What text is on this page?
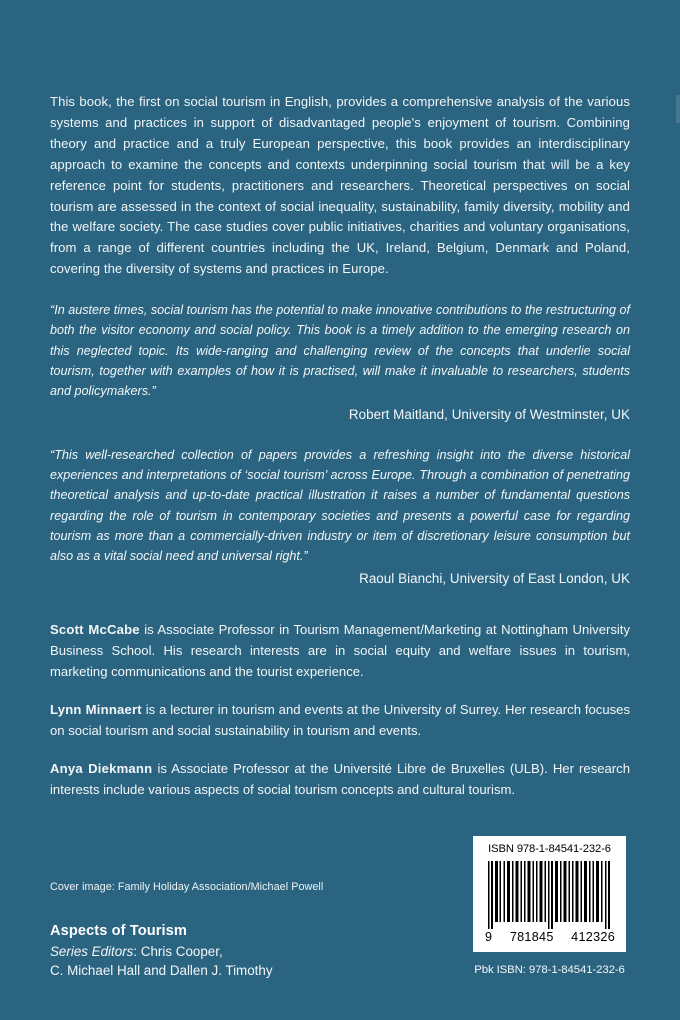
This book, the first on social tourism in English, provides a comprehensive analysis of the various systems and practices in support of disadvantaged people's enjoyment of tourism. Combining theory and practice and a truly European perspective, this book provides an interdisciplinary approach to examine the concepts and contexts underpinning social tourism that will be a key reference point for students, practitioners and researchers. Theoretical perspectives on social tourism are assessed in the context of social inequality, sustainability, family diversity, mobility and the welfare society. The case studies cover public initiatives, charities and voluntary organisations, from a range of different countries including the UK, Ireland, Belgium, Denmark and Poland, covering the diversity of systems and practices in Europe.

“In austere times, social tourism has the potential to make innovative contributions to the restructuring of both the visitor economy and social policy. This book is a timely addition to the emerging research on this neglected topic. Its wide-ranging and challenging review of the concepts that underlie social tourism, together with examples of how it is practised, will make it invaluable to researchers, students and policymakers.”

Robert Maitland, University of Westminster, UK

“This well-researched collection of papers provides a refreshing insight into the diverse historical experiences and interpretations of ‘social tourism’ across Europe. Through a combination of penetrating theoretical analysis and up-to-date practical illustration it raises a number of fundamental questions regarding the role of tourism in contemporary societies and presents a powerful case for regarding tourism as more than a commercially-driven industry or item of discretionary leisure consumption but also as a vital social need and universal right.”

Raoul Bianchi, University of East London, UK

Scott McCabe is Associate Professor in Tourism Management/Marketing at Nottingham University Business School. His research interests are in social equity and welfare issues in tourism, marketing communications and the tourist experience.

Lynn Minnaert is a lecturer in tourism and events at the University of Surrey. Her research focuses on social tourism and social sustainability in tourism and events.

Anya Diekmann is Associate Professor at the Université Libre de Bruxelles (ULB). Her research interests include various aspects of social tourism concepts and cultural tourism.

Cover image: Family Holiday Association/Michael Powell

Aspects of Tourism

Series Editors: Chris Cooper,

C. Michael Hall and Dallen J. Timothy

ISBN 978-1-84541-232-6
9 781845 412326
Pbk ISBN: 978-1-84541-232-6
